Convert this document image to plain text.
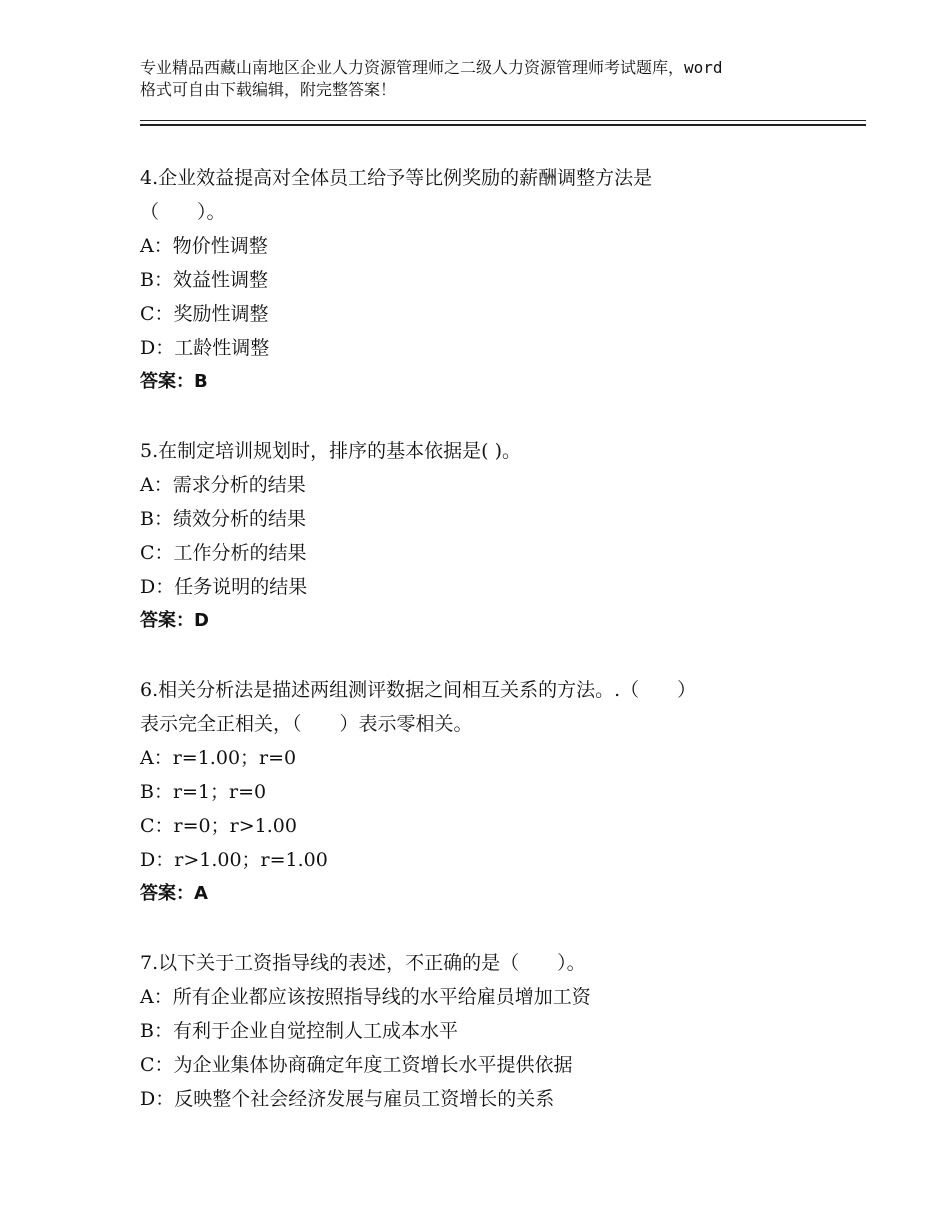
专业精品西藏山南地区企业人力资源管理师之二级人力资源管理师考试题库，word
格式可自由下载编辑，附完整答案！
4.企业效益提高对全体员工给予等比例奖励的薪酬调整方法是
（　　）。
A：物价性调整
B：效益性调整
C：奖励性调整
D：工龄性调整
答案：B
5.在制定培训规划时，排序的基本依据是( )。
A：需求分析的结果
B：绩效分析的结果
C：工作分析的结果
D：任务说明的结果
答案：D
6.相关分析法是描述两组测评数据之间相互关系的方法。.（　　）
表示完全正相关，（　　）表示零相关。
A：r=1.00；r=0
B：r=1；r=0
C：r=0；r>1.00
D：r>1.00；r=1.00
答案：A
7.以下关于工资指导线的表述，不正确的是（　　）。
A：所有企业都应该按照指导线的水平给雇员增加工资
B：有利于企业自觉控制人工成本水平
C：为企业集体协商确定年度工资增长水平提供依据
D：反映整个社会经济发展与雇员工资增长的关系
